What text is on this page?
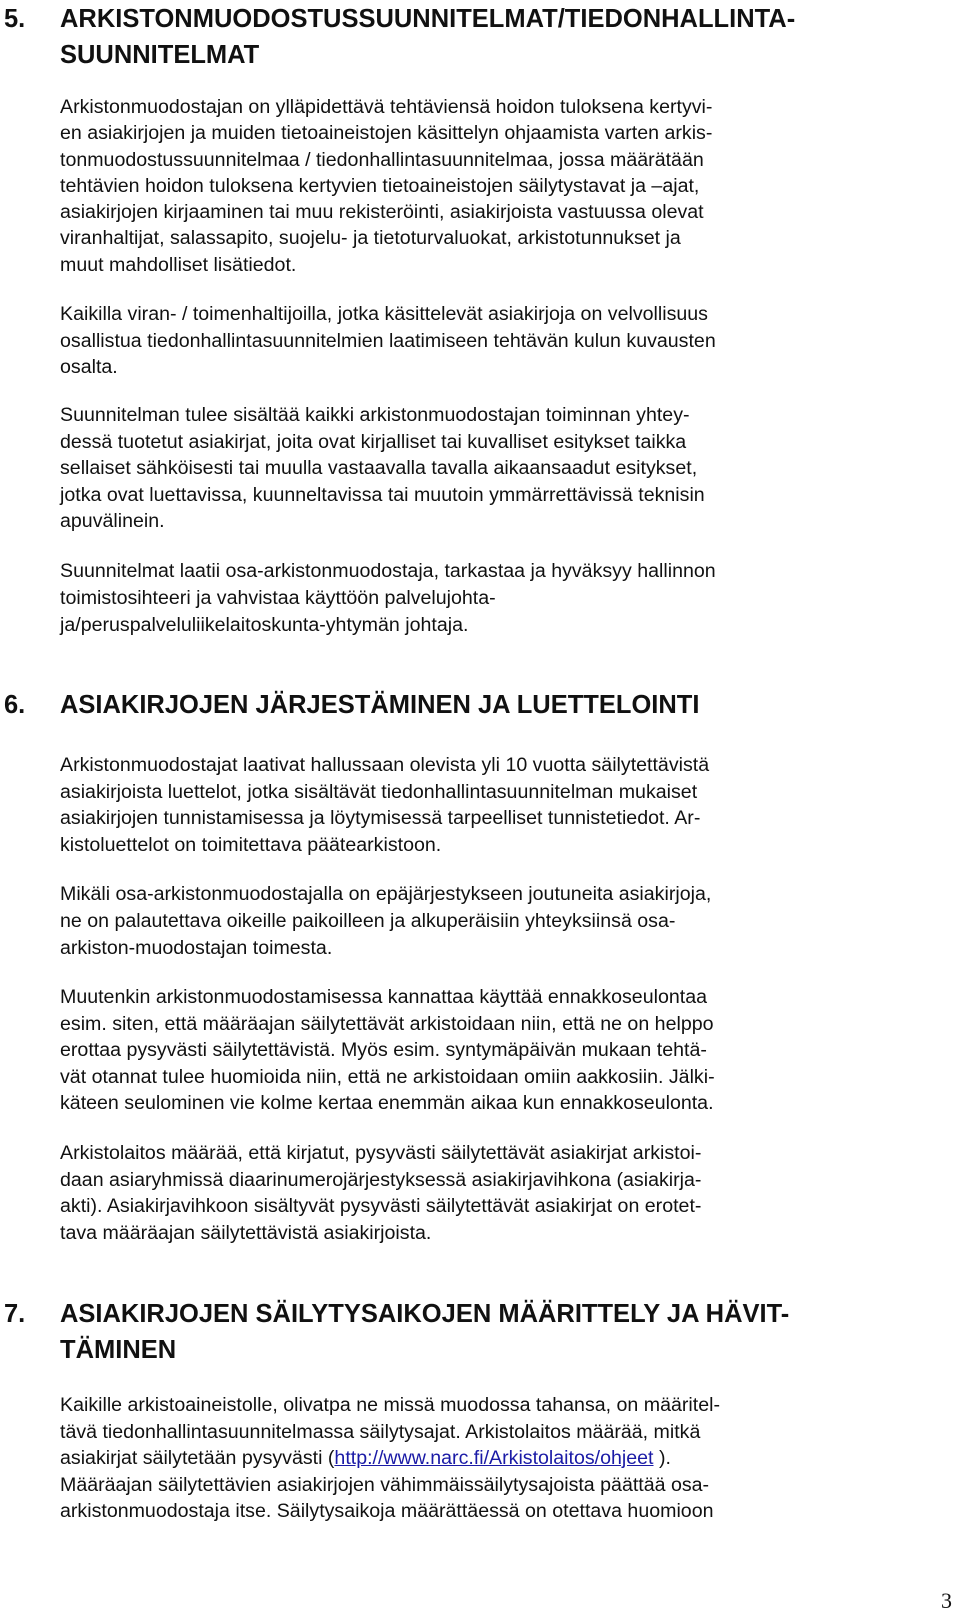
5. ARKISTONMUODOSTUSSUUNNITELMAT/TIEDONHALLINTA-
SUUNNITELMAT
Arkistonmuodostajan on ylläpidettävä tehtäviensä hoidon tuloksena kertyvi-
en asiakirjojen ja muiden tietoaineistojen käsittelyn ohjaamista varten arkis-
tonmuodostussuunnitelmaa / tiedonhallintasuunnitelmaa, jossa määrätään
tehtävien hoidon tuloksena kertyvien tietoaineistojen säilytystavat ja –ajat,
asiakirjojen kirjaaminen tai muu rekisteröinti, asiakirjoista vastuussa olevat
viranhaltijat, salassapito, suojelu- ja tietoturvaluokat, arkistotunnukset ja
muut mahdolliset lisätiedot.
Kaikilla viran- / toimenhaltijoilla, jotka käsittelevät asiakirjoja on velvollisuus
osallistua tiedonhallintasuunnitelmien laatimiseen tehtävän kulun kuvausten
osalta.
Suunnitelman tulee sisältää kaikki arkistonmuodostajan toiminnan yhtey-
dessä tuotetut asiakirjat, joita ovat kirjalliset tai kuvalliset esitykset taikka
sellaiset sähköisesti tai muulla vastaavalla tavalla aikaansaadut esitykset,
jotka ovat luettavissa, kuunneltavissa tai muutoin ymmärrettävissä teknisin
apuvälinein.
Suunnitelmat laatii osa-arkistonmuodostaja, tarkastaa ja hyväksyy hallinnon
toimistosihteeri ja vahvistaa käyttöön palvelujohta-
ja/peruspalveluliikelaitoskunta-yhtymän johtaja.
6. ASIAKIRJOJEN JÄRJESTÄMINEN JA LUETTELOINTI
Arkistonmuodostajat laativat hallussaan olevista yli 10 vuotta säilytettävistä
asiakirjoista luettelot, jotka sisältävät tiedonhallintasuunnitelman mukaiset
asiakirjojen tunnistamisessa ja löytymisessä tarpeelliset tunnistetiedot. Ar-
kistoluettelot on toimitettava päätearkistoon.
Mikäli osa-arkistonmuodostajalla on epäjärjestykseen joutuneita asiakirjoja,
ne on palautettava oikeille paikoilleen ja alkuperäisiin yhteyksiinsä osa-
arkiston-muodostajan toimesta.
Muutenkin arkistonmuodostamisessa kannattaa käyttää ennakkoseulontaa
esim. siten, että määräajan säilytettävät arkistoidaan niin, että ne on helppo
erottaa pysyvästi säilytettävistä. Myös esim. syntymäpäivän mukaan tehtä-
vät otannat tulee huomioida niin, että ne arkistoidaan omiin aakkosiin. Jälki-
käteen seulominen vie kolme kertaa enemmän aikaa kun ennakkoseulonta.
Arkistolaitos määrää, että kirjatut, pysyvästi säilytettävät asiakirjat arkistoi-
daan asiaryhmissä diaarinumerojärjestyksessä asiakirjavihkona (asiakirja-
akti). Asiakirjavihkoon sisältyvät pysyvästi säilytettävät asiakirjat on erotet-
tava määräajan säilytettävistä asiakirjoista.
7. ASIAKIRJOJEN SÄILYTYSAIKOJEN MÄÄRITTELY JA HÄVIT-
TÄMINEN
Kaikille arkistoaineistolle, olivatpa ne missä muodossa tahansa, on määritel-
tävä tiedonhallintasuunnitelmassa säilytysajat. Arkistolaitos määrää, mitkä
asiakirjat säilytetään pysyvästi (http://www.narc.fi/Arkistolaitos/ohjeet ).
Määräajan säilytettävien asiakirjojen vähimmäissäilytysajoista päättää osa-
arkistonmuodostaja itse. Säilytysaikoja määrättäessä on otettava huomioon
3
